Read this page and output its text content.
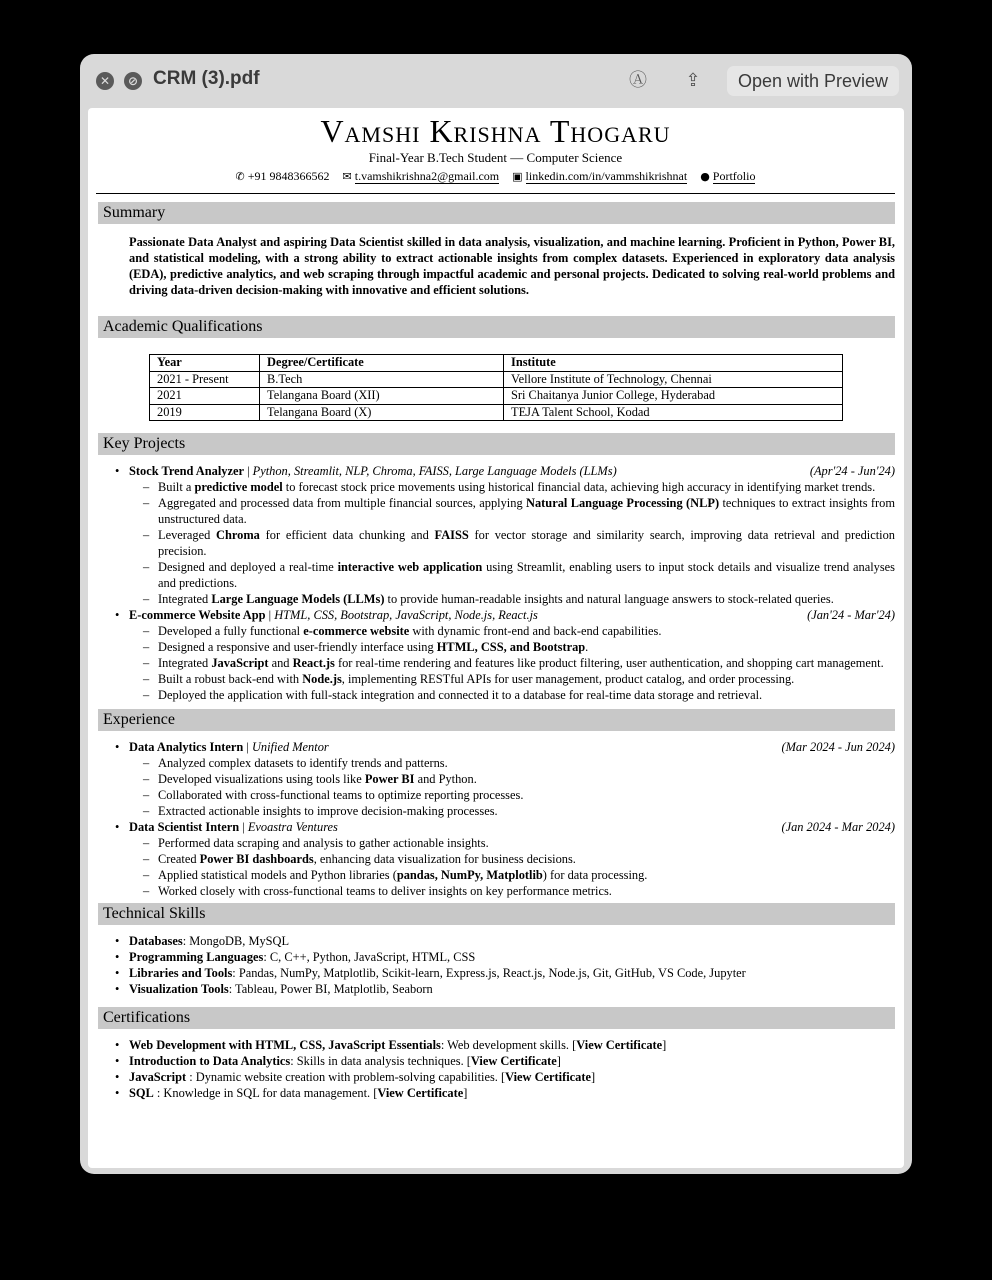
✕	⊘ CRM (3).pdf	Ⓐ	⇪	Open with Preview
Vamshi Krishna Thogaru
Final-Year B.Tech Student — Computer Science
✆ +91 9848366562 ✉ t.vamshikrishna2@gmail.com ▣ linkedin.com/in/vammshikrishnat ● Portfolio
Summary
Passionate Data Analyst and aspiring Data Scientist skilled in data analysis, visualization, and machine learning. Proficient in Python, Power BI, and statistical modeling, with a strong ability to extract actionable insights from complex datasets. Experienced in exploratory data analysis (EDA), predictive analytics, and web scraping through impactful academic and personal projects. Dedicated to solving real-world problems and driving data-driven decision-making with innovative and efficient solutions.
Academic Qualifications
Year	Degree/Certificate	Institute
2021 - Present	B.Tech	Vellore Institute of Technology, Chennai
2021	Telangana Board (XII)	Sri Chaitanya Junior College, Hyderabad
2019	Telangana Board (X)	TEJA Talent School, Kodad
Key Projects
• Stock Trend Analyzer | Python, Streamlit, NLP, Chroma, FAISS, Large Language Models (LLMs)	(Apr'24 - Jun'24)
– Built a predictive model to forecast stock price movements using historical financial data, achieving high accuracy in identifying market trends.
– Aggregated and processed data from multiple financial sources, applying Natural Language Processing (NLP) techniques to extract insights from unstructured data.
– Leveraged Chroma for efficient data chunking and FAISS for vector storage and similarity search, improving data retrieval and prediction precision.
– Designed and deployed a real-time interactive web application using Streamlit, enabling users to input stock details and visualize trend analyses and predictions.
– Integrated Large Language Models (LLMs) to provide human-readable insights and natural language answers to stock-related queries.
• E-commerce Website App | HTML, CSS, Bootstrap, JavaScript, Node.js, React.js	(Jan'24 - Mar'24)
– Developed a fully functional e-commerce website with dynamic front-end and back-end capabilities.
– Designed a responsive and user-friendly interface using HTML, CSS, and Bootstrap.
– Integrated JavaScript and React.js for real-time rendering and features like product filtering, user authentication, and shopping cart management.
– Built a robust back-end with Node.js, implementing RESTful APIs for user management, product catalog, and order processing.
– Deployed the application with full-stack integration and connected it to a database for real-time data storage and retrieval.
Experience
• Data Analytics Intern | Unified Mentor	(Mar 2024 - Jun 2024)
– Analyzed complex datasets to identify trends and patterns.
– Developed visualizations using tools like Power BI and Python.
– Collaborated with cross-functional teams to optimize reporting processes.
– Extracted actionable insights to improve decision-making processes.
• Data Scientist Intern | Evoastra Ventures	(Jan 2024 - Mar 2024)
– Performed data scraping and analysis to gather actionable insights.
– Created Power BI dashboards, enhancing data visualization for business decisions.
– Applied statistical models and Python libraries (pandas, NumPy, Matplotlib) for data processing.
– Worked closely with cross-functional teams to deliver insights on key performance metrics.
Technical Skills
• Databases: MongoDB, MySQL
• Programming Languages: C, C++, Python, JavaScript, HTML, CSS
• Libraries and Tools: Pandas, NumPy, Matplotlib, Scikit-learn, Express.js, React.js, Node.js, Git, GitHub, VS Code, Jupyter
• Visualization Tools: Tableau, Power BI, Matplotlib, Seaborn
Certifications
• Web Development with HTML, CSS, JavaScript Essentials: Web development skills. [View Certificate]
• Introduction to Data Analytics: Skills in data analysis techniques. [View Certificate]
• JavaScript : Dynamic website creation with problem-solving capabilities. [View Certificate]
• SQL : Knowledge in SQL for data management. [View Certificate]
